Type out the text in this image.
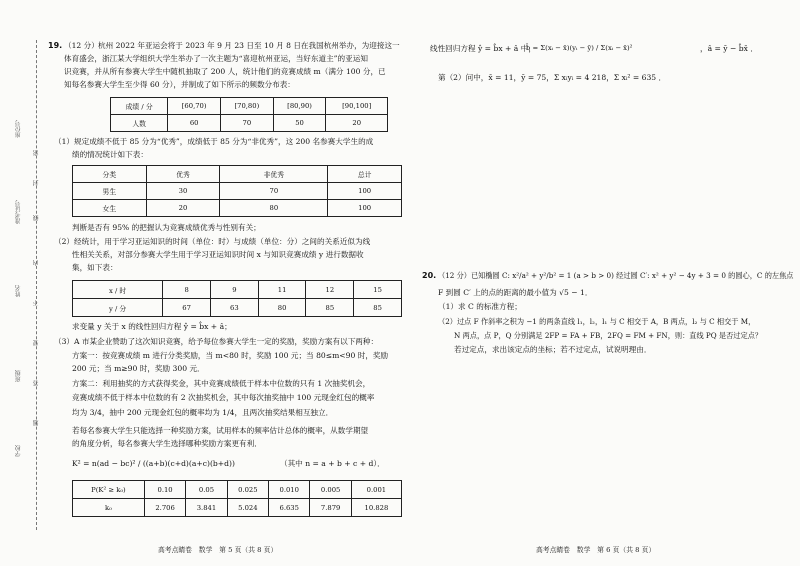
座位号
准考证号
姓名
班级
学校
密
封
线
内
不
要
答
题
19. （12 分） 杭州 2022 年亚运会将于 2023 年 9 月 23 日至 10 月 8 日在我国杭州举办，为迎接这一
体育盛会，浙江某大学组织大学生举办了一次主题为“喜迎杭州亚运，当好东道主”的亚运知
识竞赛，并从所有参赛大学生中随机抽取了 200 人，统计他们的竞赛成绩 m（满分 100 分，已
知每名参赛大学生至少得 60 分），并制成了如下所示的频数分布表：
成绩 / 分	[60,70)	[70,80)	[80,90)	[90,100]
人数	60	70	50	20
（1）规定成绩不低于 85 分为“优秀”，成绩低于 85 分为“非优秀”，这 200 名参赛大学生的成
绩的情况统计如下表：
分类	优秀	非优秀	总计
男生	30	70	100
女生	20	80	100
判断是否有 95% 的把握认为竞赛成绩优秀与性别有关；
（2）经统计，用于学习亚运知识的时间（单位：时）与成绩（单位：分）之间的关系近似为线
性相关关系，对部分参赛大学生用于学习亚运知识时间 x 与知识竞赛成绩 y 进行数据收
集，如下表：
x / 时	8	9	11	12	15
y / 分	67	63	80	85	85
求变量 y 关于 x 的线性回归方程 ŷ = b̂x + â；
（3）A 市某企业赞助了这次知识竞赛，给予每位参赛大学生一定的奖励，奖励方案有以下两种：
方案一：按竞赛成绩 m 进行分类奖励，当 m<80 时，奖励 100 元；当 80≤m<90 时，奖励
200 元；当 m≥90 时，奖励 300 元．
方案二：利用抽奖的方式获得奖金，其中竞赛成绩低于样本中位数的只有 1 次抽奖机会，
竞赛成绩不低于样本中位数的有 2 次抽奖机会，其中每次抽奖抽中 100 元现金红包的概率
均为 3/4，抽中 200 元现金红包的概率均为 1/4，且两次抽奖结果相互独立．
若每名参赛大学生只能选择一种奖励方案，试用样本的频率估计总体的概率，从数学期望
的角度分析，每名参赛大学生选择哪种奖励方案更有利．
K² = n(ad − bc)² / ((a+b)(c+d)(a+c)(b+d))	（其中 n = a + b + c + d）．
P(K² ≥ k₀)	0.10	0.05	0.025	0.010	0.005	0.001
k₀	2.706	3.841	5.024	6.635	7.879	10.828
高考点睛卷　数学　第 5 页（共 8 页）
线性回归方程 ŷ = b̂x + â 中，
b̂ = Σ(xᵢ − x̄)(yᵢ − ȳ) / Σ(xᵢ − x̄)²	，â = ȳ − b̂x̄ ．
第（2）问中，x̄ = 11，ȳ = 75，Σ xᵢyᵢ = 4 218，Σ xᵢ² = 635 ．
20. （12 分）已知椭圆 C: x²/a² + y²/b² = 1 (a > b > 0) 经过圆 C′: x² + y² − 4y + 3 = 0 的圆心，C 的左焦点
F 到圆 C′ 上的点的距离的最小值为 √5 − 1．
（1）求 C 的标准方程；
（2）过点 F 作斜率之积为 −1 的两条直线 l₁，l₂，l₁ 与 C 相交于 A，B 两点，l₂ 与 C 相交于 M，
N 两点，点 P，Q 分别满足 2FP = FA + FB，2FQ = FM + FN，则：直线 PQ 是否过定点？
若过定点，求出该定点的坐标；若不过定点，试说明理由．
高考点睛卷　数学　第 6 页（共 8 页）
